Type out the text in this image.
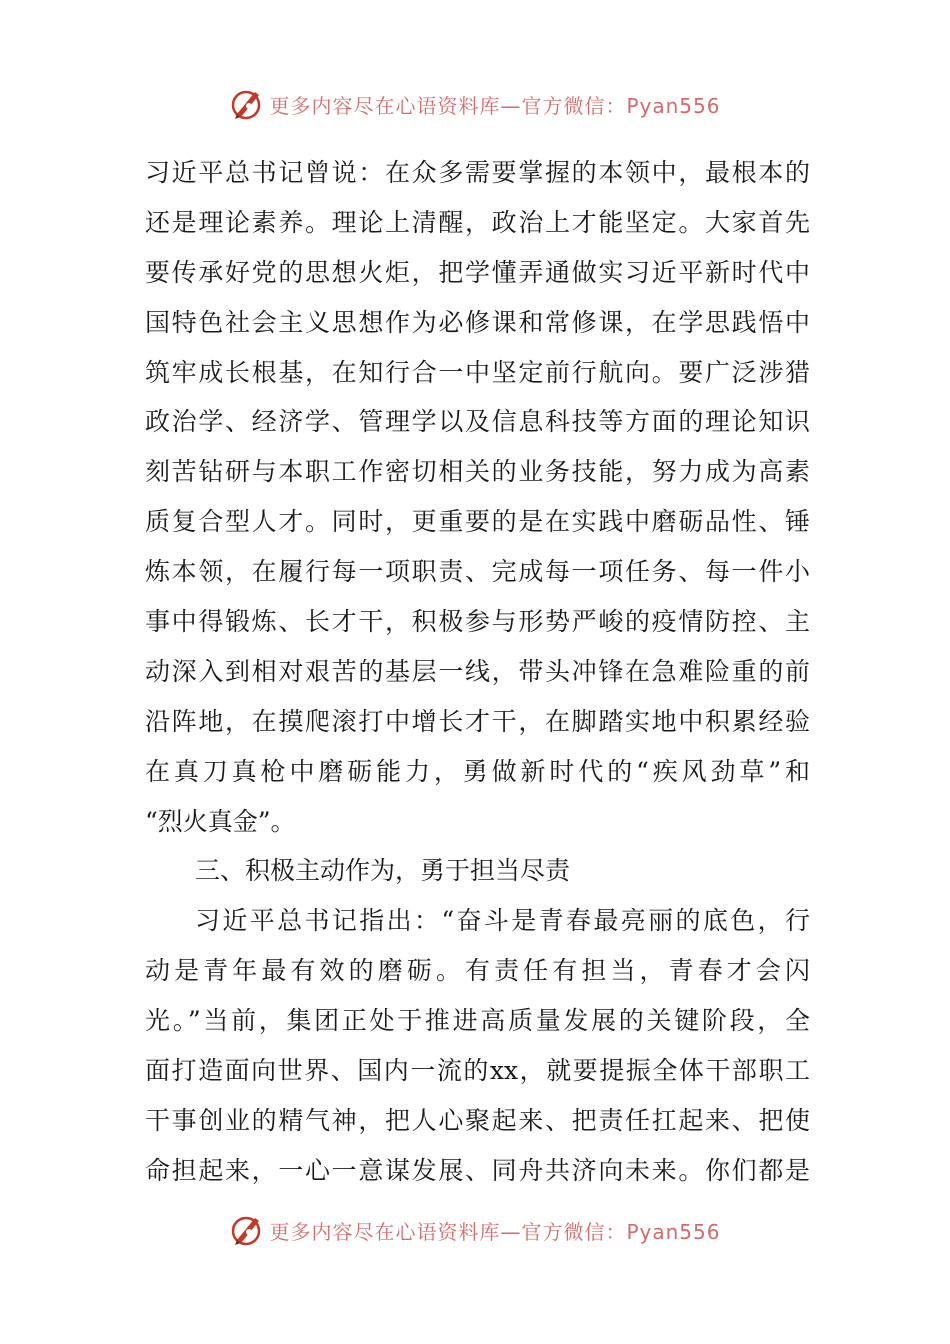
更多内容尽在心语资料库—官方微信：Pyan556
习近平总书记曾说：在众多需要掌握的本领中，最根本的
还是理论素养。理论上清醒，政治上才能坚定。大家首先
要传承好党的思想火炬，把学懂弄通做实习近平新时代中
国特色社会主义思想作为必修课和常修课，在学思践悟中
筑牢成长根基，在知行合一中坚定前行航向。要广泛涉猎
政治学、经济学、管理学以及信息科技等方面的理论知识
刻苦钻研与本职工作密切相关的业务技能，努力成为高素
质复合型人才。同时，更重要的是在实践中磨砺品性、锤
炼本领，在履行每一项职责、完成每一项任务、每一件小
事中得锻炼、长才干，积极参与形势严峻的疫情防控、主
动深入到相对艰苦的基层一线，带头冲锋在急难险重的前
沿阵地，在摸爬滚打中增长才干，在脚踏实地中积累经验
在真刀真枪中磨砺能力，勇做新时代的“疾风劲草”和
“烈火真金”。
三、积极主动作为，勇于担当尽责
习近平总书记指出：“奋斗是青春最亮丽的底色，行
动是青年最有效的磨砺。有责任有担当，青春才会闪
光。”当前，集团正处于推进高质量发展的关键阶段，全
面打造面向世界、国内一流的xx，就要提振全体干部职工
干事创业的精气神，把人心聚起来、把责任扛起来、把使
命担起来，一心一意谋发展、同舟共济向未来。你们都是
更多内容尽在心语资料库—官方微信：Pyan556
